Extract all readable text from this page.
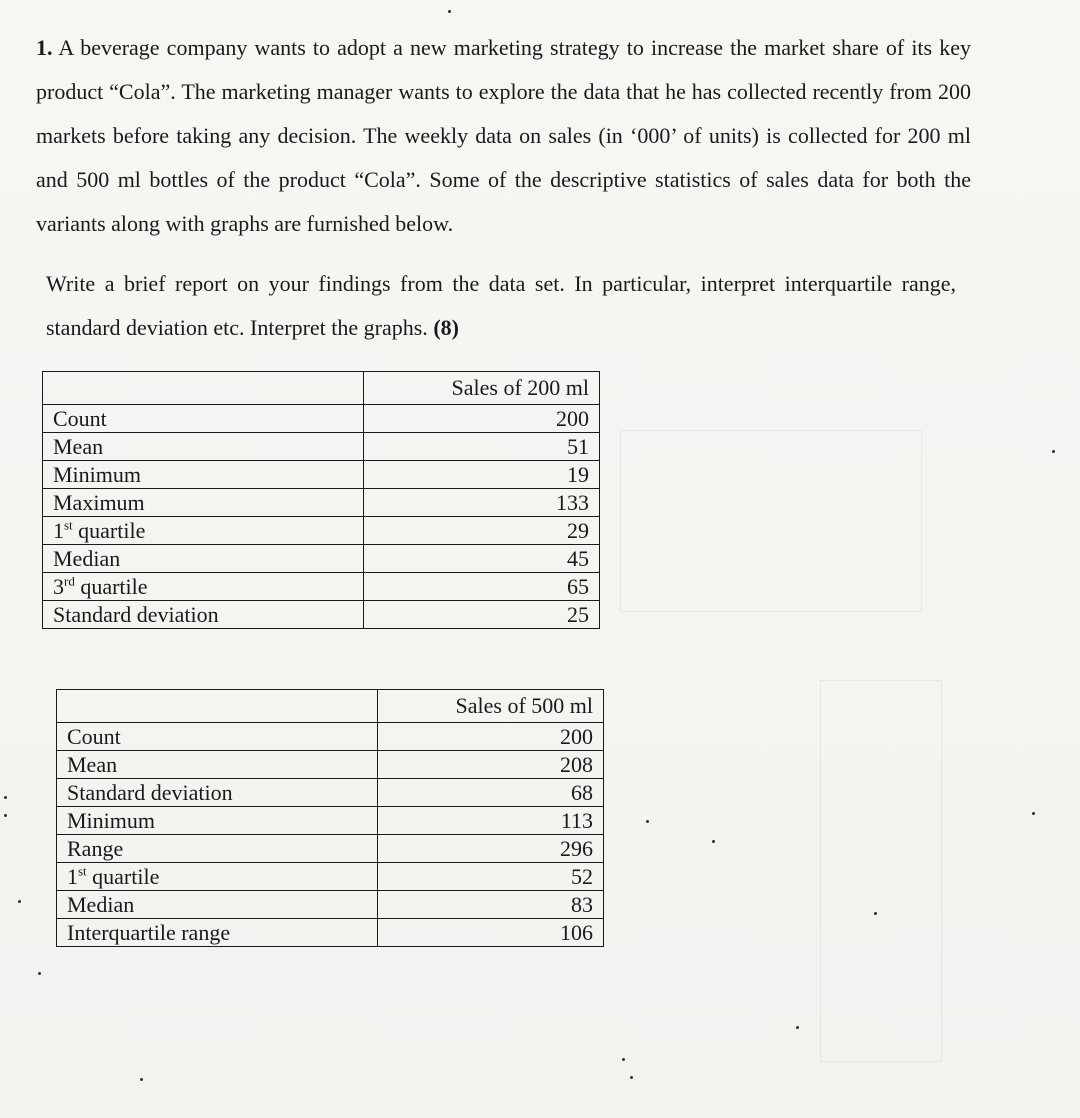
1. A beverage company wants to adopt a new marketing strategy to increase the market share of its key product “Cola”. The marketing manager wants to explore the data that he has collected recently from 200 markets before taking any decision. The weekly data on sales (in ‘000’ of units) is collected for 200 ml and 500 ml bottles of the product “Cola”. Some of the descriptive statistics of sales data for both the variants along with graphs are furnished below.

Write a brief report on your findings from the data set. In particular, interpret interquartile range, standard deviation etc. Interpret the graphs. (8)

	Sales of 200 ml
Count	200
Mean	51
Minimum	19
Maximum	133
1st quartile	29
Median	45
3rd quartile	65
Standard deviation	25
	Sales of 500 ml
Count	200
Mean	208
Standard deviation	68
Minimum	113
Range	296
1st quartile	52
Median	83
Interquartile range	106
